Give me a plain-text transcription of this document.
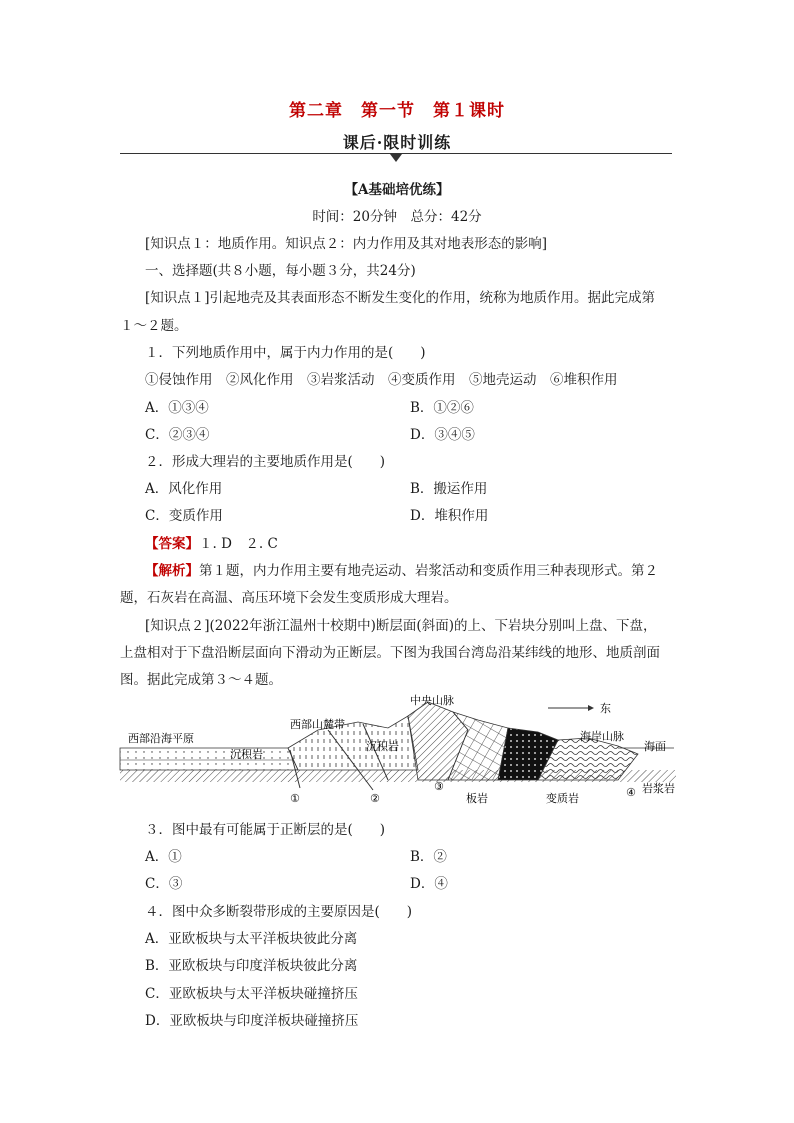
第二章　第一节　第１课时
课后·限时训练
【A基础培优练】
时间：20分钟　总分：42分
[知识点１：地质作用。知识点２：内力作用及其对地表形态的影响]
一、选择题(共８小题，每小题３分，共24分)
[知识点１]引起地壳及其表面形态不断发生变化的作用，统称为地质作用。据此完成第
１～２题。
１．下列地质作用中，属于内力作用的是(　　)
①侵蚀作用　②风化作用　③岩浆活动　④变质作用　⑤地壳运动　⑥堆积作用
A．①③④	B．①②⑥
C．②③④	D．③④⑤
２．形成大理岩的主要地质作用是(　　)
A．风化作用	B．搬运作用
C．变质作用	D．堆积作用
【答案】１. D　２. C
【解析】第１题，内力作用主要有地壳运动、岩浆活动和变质作用三种表现形式。第２
题，石灰岩在高温、高压环境下会发生变质形成大理岩。
[知识点２](2022年浙江温州十校期中)断层面(斜面)的上、下岩块分别叫上盘、下盘，
上盘相对于下盘沿断层面向下滑动为正断层。下图为我国台湾岛沿某纬线的地形、地质剖面
图。据此完成第３～４题。
东
中央山脉
西部沿海平原
西部山麓带
沉积岩
沉积岩
海岸山脉
海面
板岩	变质岩
岩浆岩
①	②
③	④
３．图中最有可能属于正断层的是(　　)
A．①	B．②
C．③	D．④
４．图中众多断裂带形成的主要原因是(　　)
A．亚欧板块与太平洋板块彼此分离
B．亚欧板块与印度洋板块彼此分离
C．亚欧板块与太平洋板块碰撞挤压
D．亚欧板块与印度洋板块碰撞挤压
